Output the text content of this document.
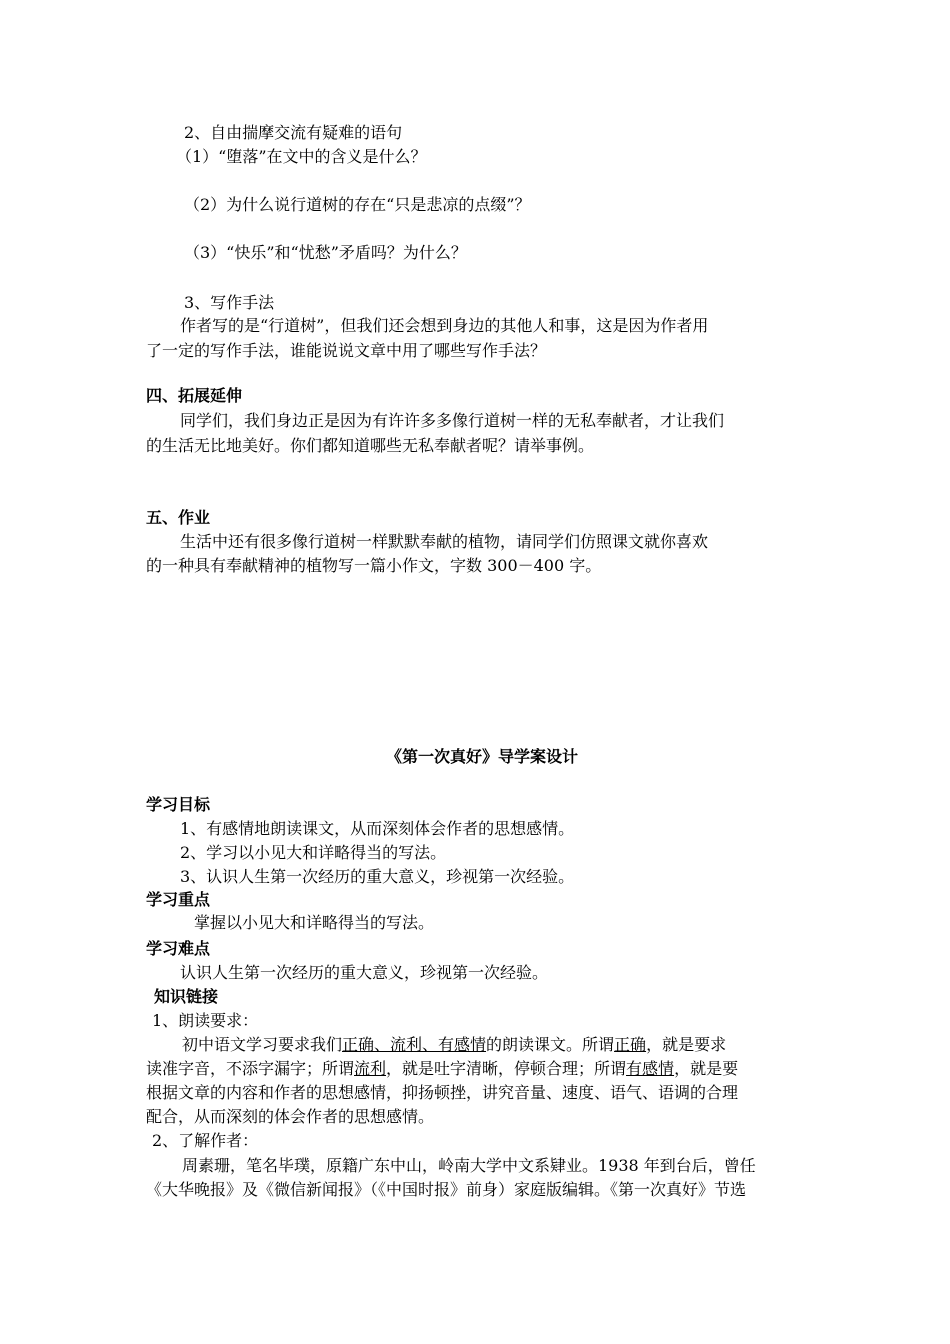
2、自由揣摩交流有疑难的语句
（1）“堕落”在文中的含义是什么？
（2）为什么说行道树的存在“只是悲凉的点缀”？
（3）“快乐”和“忧愁”矛盾吗？为什么？
3、写作手法
作者写的是“行道树”，但我们还会想到身边的其他人和事，这是因为作者用
了一定的写作手法，谁能说说文章中用了哪些写作手法？
四、拓展延伸
同学们，我们身边正是因为有许许多多像行道树一样的无私奉献者，才让我们
的生活无比地美好。你们都知道哪些无私奉献者呢？请举事例。
五、作业
生活中还有很多像行道树一样默默奉献的植物，请同学们仿照课文就你喜欢
的一种具有奉献精神的植物写一篇小作文，字数 300－400 字。
《第一次真好》导学案设计
学习目标
1、有感情地朗读课文，从而深刻体会作者的思想感情。
2、学习以小见大和详略得当的写法。
3、认识人生第一次经历的重大意义，珍视第一次经验。
学习重点
掌握以小见大和详略得当的写法。
学习难点
认识人生第一次经历的重大意义，珍视第一次经验。
知识链接
1、朗读要求：
初中语文学习要求我们正确、流利、有感情的朗读课文。所谓正确，就是要求
读准字音，不添字漏字；所谓流利，就是吐字清晰，停顿合理；所谓有感情，就是要
根据文章的内容和作者的思想感情，抑扬顿挫，讲究音量、速度、语气、语调的合理
配合，从而深刻的体会作者的思想感情。
2、了解作者：
周素珊，笔名毕璞，原籍广东中山，岭南大学中文系肄业。1938 年到台后，曾任
《大华晚报》及《微信新闻报》（《中国时报》前身）家庭版编辑。《第一次真好》节选
